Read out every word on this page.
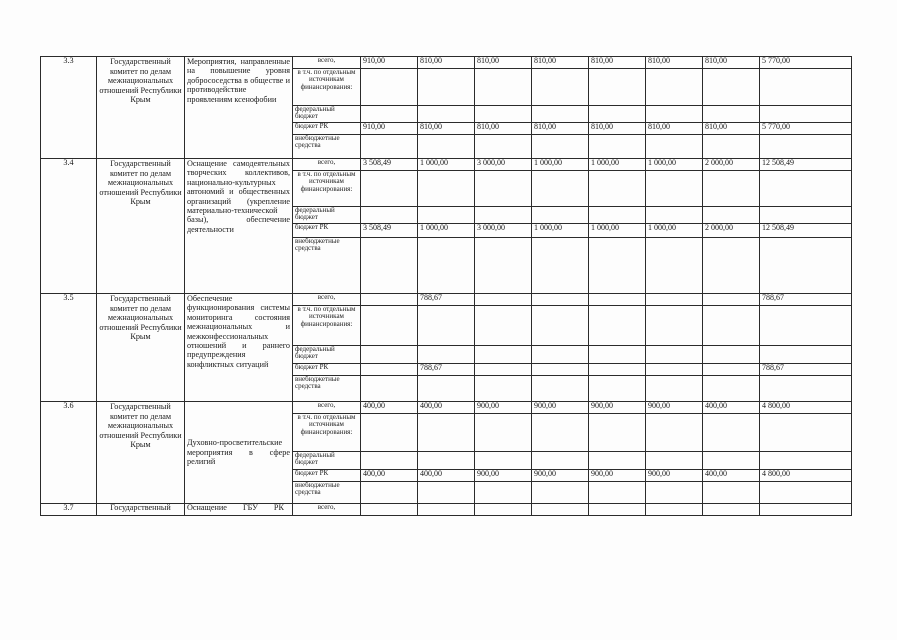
3.3	Государственный комитет по делам межнациональных отношений Республики Крым	Мероприятия, направленные на повышение уровня добрососедства в обществе и противодействие проявлениям ксенофобии	всего,	910,00	810,00	810,00	810,00	810,00	810,00	810,00	5 770,00
			в т.ч. по отдельным источникам финансирования:								
			федеральный бюджет								
			бюджет РК	910,00	810,00	810,00	810,00	810,00	810,00	810,00	5 770,00
			внебюджетные средства								
3.4	Государственный комитет по делам межнациональных отношений Республики Крым	Оснащение самодеятельных творческих коллективов, национально-культурных автономий и общественных организаций (укрепление материально-технической базы), обеспечение деятельности	всего,	3 508,49	1 000,00	3 000,00	1 000,00	1 000,00	1 000,00	2 000,00	12 508,49
			в т.ч. по отдельным источникам финансирования:								
			федеральный бюджет								
			бюджет РК	3 508,49	1 000,00	3 000,00	1 000,00	1 000,00	1 000,00	2 000,00	12 508,49
			внебюджетные средства								
3.5	Государственный комитет по делам межнациональных отношений Республики Крым	Обеспечение функционирования системы мониторинга состояния межнациональных и межконфессиональных отношений и раннего предупреждения конфликтных ситуаций	всего,		788,67						788,67
			в т.ч. по отдельным источникам финансирования:								
			федеральный бюджет								
			бюджет РК		788,67						788,67
			внебюджетные средства								
3.6	Государственный комитет по делам межнациональных отношений Республики Крым	Духовно-просветительские мероприятия в сфере религий	всего,	400,00	400,00	900,00	900,00	900,00	900,00	400,00	4 800,00
			в т.ч. по отдельным источникам финансирования:								
			федеральный бюджет								
			бюджет РК	400,00	400,00	900,00	900,00	900,00	900,00	400,00	4 800,00
			внебюджетные средства								
3.7	Государственный	Оснащение ГБУ РК	всего,								
